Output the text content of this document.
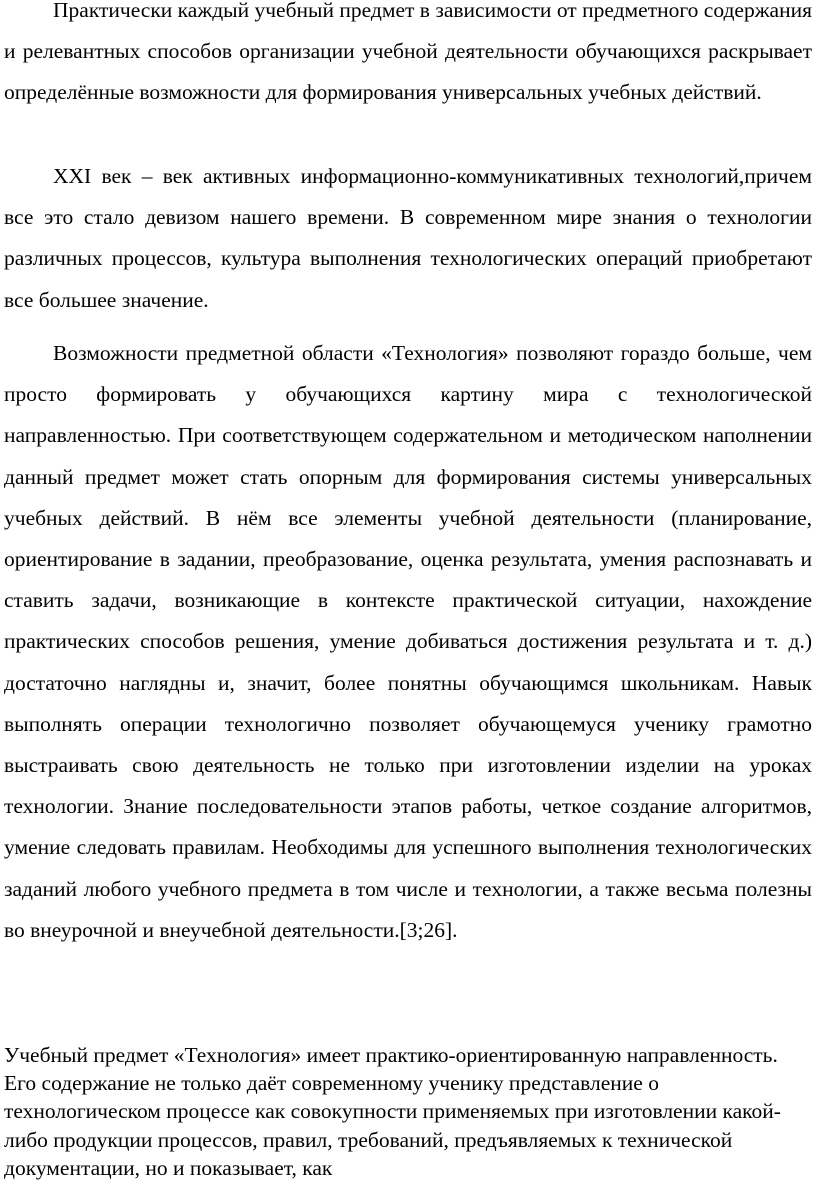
Практически каждый учебный предмет в зависимости от предметного содержания и релевантных способов организации учебной деятельности обучающихся раскрывает определённые возможности для формирования универсальных учебных действий.

XXI век – век активных информационно-коммуникативных технологий,причем все это стало девизом нашего времени. В современном мире знания о технологии различных процессов, культура выполнения технологических операций приобретают все большее значение.

Возможности предметной области «Технология» позволяют гораздо больше, чем просто формировать у обучающихся картину мира с технологической направленностью. При соответствующем содержательном и методическом наполнении данный предмет может стать опорным для формирования системы универсальных учебных действий. В нём все элементы учебной деятельности (планирование, ориентирование в задании, преобразование, оценка результата, умения распознавать и ставить задачи, возникающие в контексте практической ситуации, нахождение практических способов решения, умение добиваться достижения результата и т. д.) достаточно наглядны и, значит, более понятны обучающимся школьникам. Навык выполнять операции технологично позволяет обучающемуся ученику грамотно выстраивать свою деятельность не только при изготовлении изделии на уроках технологии. Знание последовательности этапов работы, четкое создание алгоритмов, умение следовать правилам. Необходимы для успешного выполнения технологических заданий любого учебного предмета в том числе и технологии, а также весьма полезны во внеурочной и внеучебной деятельности.[3;26].

Учебный предмет «Технология» имеет практико-ориентированную направленность. Его содержание не только даёт современному ученику представление о технологическом процессе как совокупности применяемых при изготовлении какой-либо продукции процессов, правил, требований, предъявляемых к технической документации, но и показывает, как
